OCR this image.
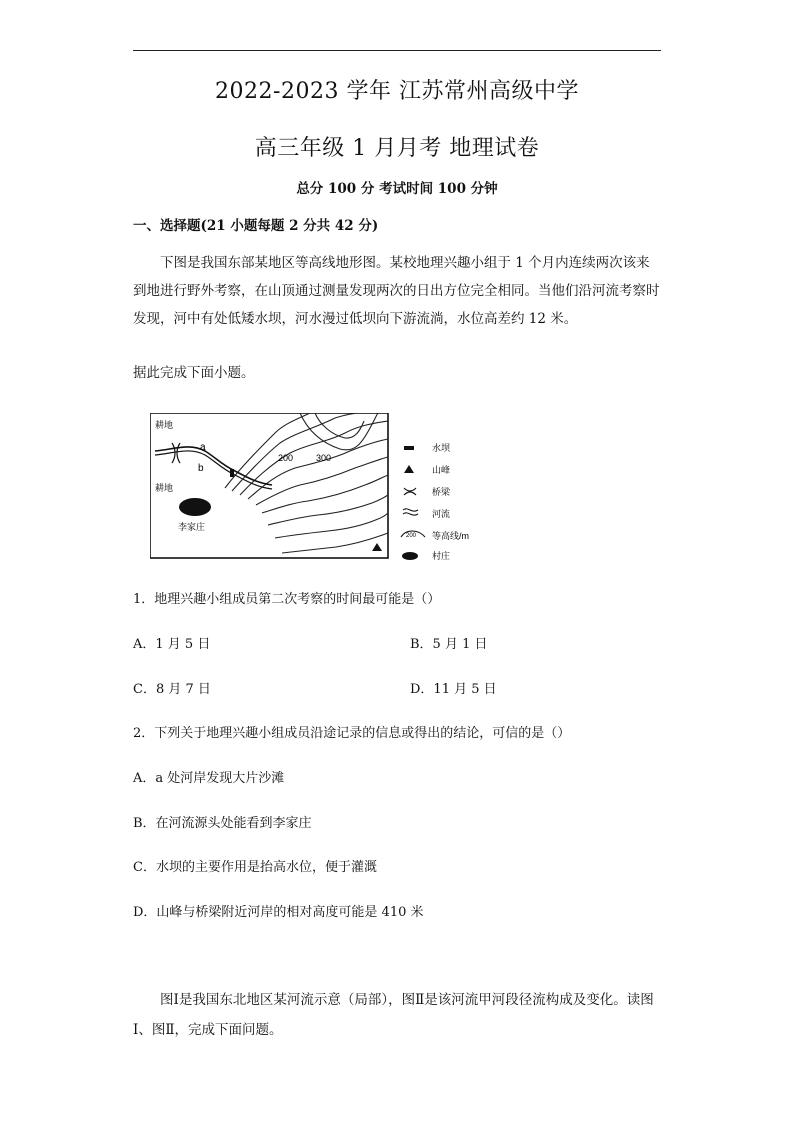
2022-2023 学年 江苏常州高级中学
高三年级 1 月月考 地理试卷
总分 100 分 考试时间 100 分钟
一、选择题(21 小题每题 2 分共 42 分)
下图是我国东部某地区等高线地形图。某校地理兴趣小组于 1 个月内连续两次该来到地进行野外考察，在山顶通过测量发现两次的日出方位完全相同。当他们沿河流考察时发现，河中有处低矮水坝，河水漫过低坝向下游流淌，水位高差约 12 米。
据此完成下面小题。
耕地
a
b
耕地
李家庄
200	300
水坝
山峰
桥梁
河流
200 等高线/m
村庄
1．地理兴趣小组成员第二次考察的时间最可能是（）
A．1 月 5 日	B．5 月 1 日
C．8 月 7 日	D．11 月 5 日
2．下列关于地理兴趣小组成员沿途记录的信息或得出的结论，可信的是（）
A．a 处河岸发现大片沙滩
B．在河流源头处能看到李家庄
C．水坝的主要作用是抬高水位，便于灌溉
D．山峰与桥梁附近河岸的相对高度可能是 410 米
图Ⅰ是我国东北地区某河流示意（局部），图Ⅱ是该河流甲河段径流构成及变化。读图Ⅰ、图Ⅱ，完成下面问题。
